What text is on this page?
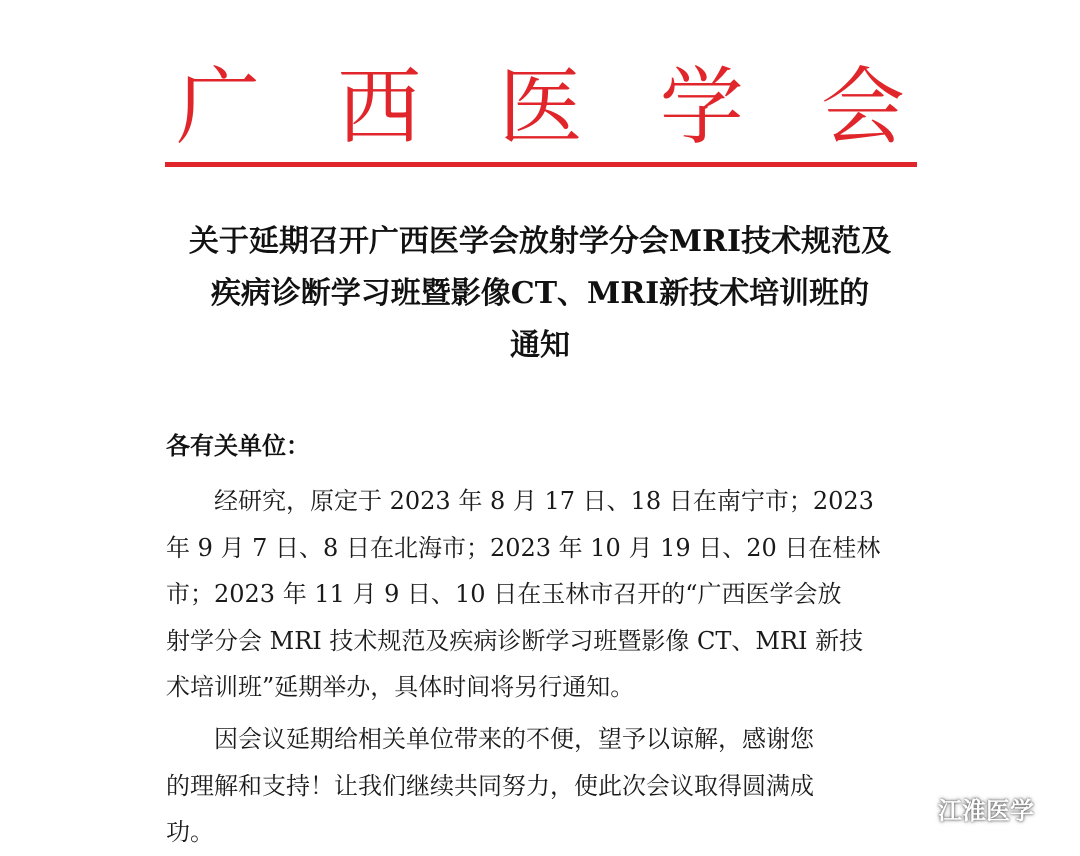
广 西 医 学 会
关于延期召开广西医学会放射学分会MRI技术规范及
疾病诊断学习班暨影像CT、MRI新技术培训班的
通知
各有关单位：
　　经研究，原定于 2023 年 8 月 17 日、18 日在南宁市；2023
年 9 月 7 日、8 日在北海市；2023 年 10 月 19 日、20 日在桂林
市；2023 年 11 月 9 日、10 日在玉林市召开的“广西医学会放
射学分会 MRI 技术规范及疾病诊断学习班暨影像 CT、MRI 新技
术培训班”延期举办，具体时间将另行通知。
　　因会议延期给相关单位带来的不便，望予以谅解，感谢您
的理解和支持！让我们继续共同努力，使此次会议取得圆满成
功。
江淮医学
